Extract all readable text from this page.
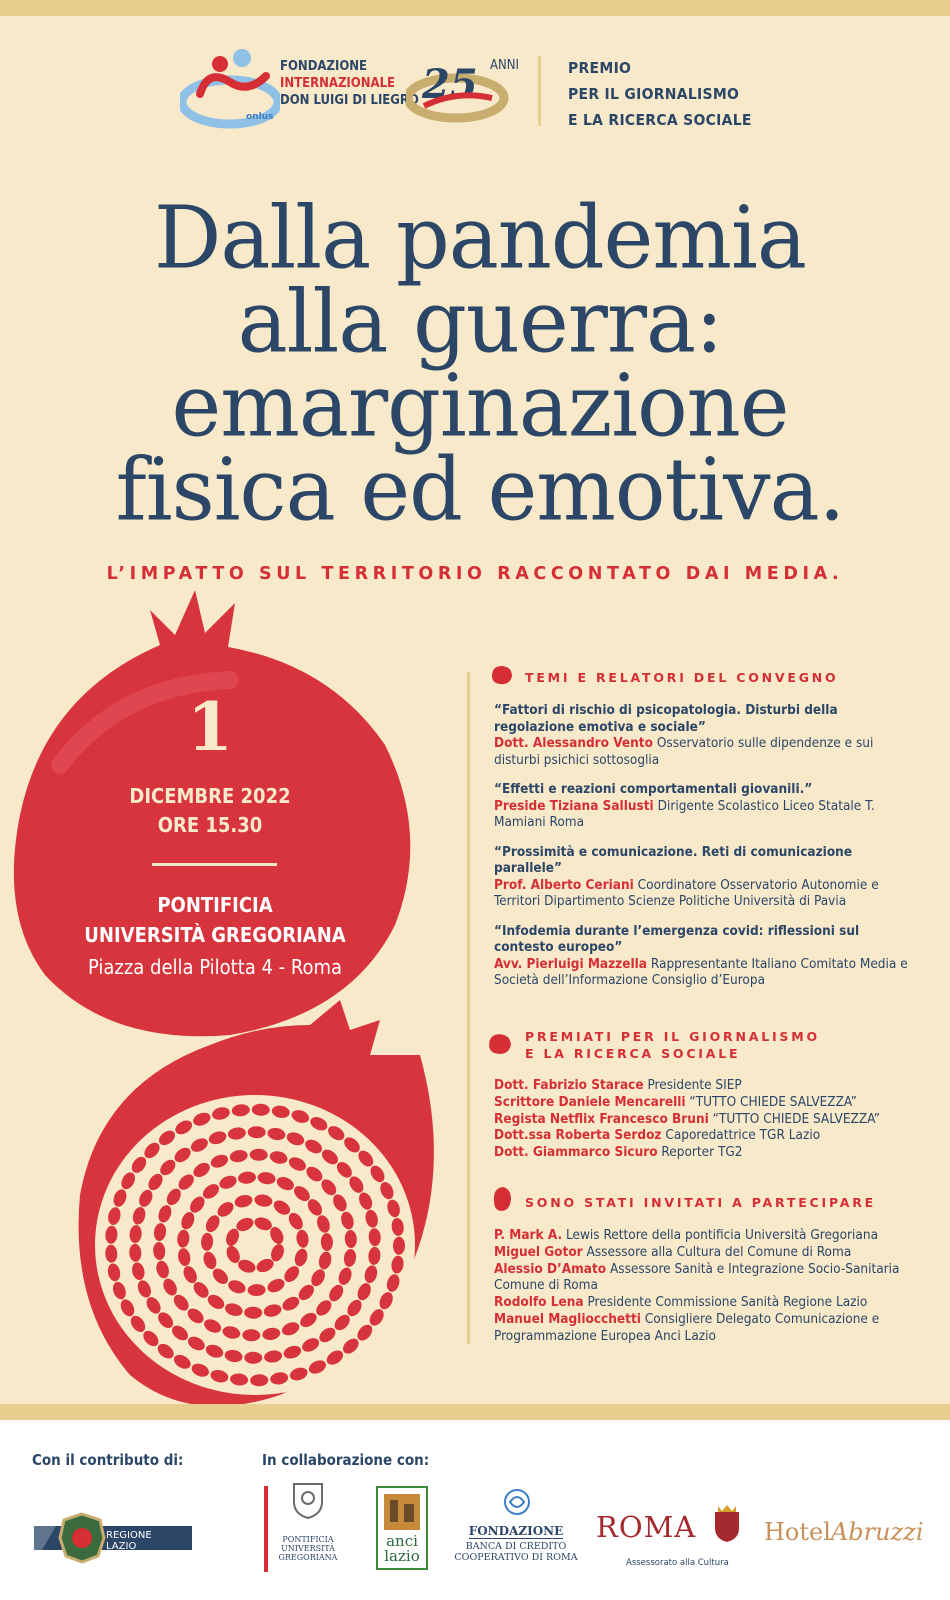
FONDAZIONE
INTERNAZIONALE
DON LUIGI DI LIEGRO
onlus
25 ANNI	PREMIO
PER IL GIORNALISMO
E LA RICERCA SOCIALE
Dalla pandemia
alla guerra:
emarginazione
fisica ed emotiva.
L’IMPATTO SUL TERRITORIO RACCONTATO DAI MEDIA.
1
DICEMBRE 2022
ORE 15.30
PONTIFICIA
UNIVERSITÀ GREGORIANA
Piazza della Pilotta 4 - Roma
TEMI E RELATORI DEL CONVEGNO
“Fattori di rischio di psicopatologia. Disturbi della regolazione emotiva e sociale”
Dott. Alessandro Vento Osservatorio sulle dipendenze e sui disturbi psichici sottosoglia
“Effetti e reazioni comportamentali giovanili.”
Preside Tiziana Sallusti Dirigente Scolastico Liceo Statale T. Mamiani Roma
“Prossimità e comunicazione. Reti di comunicazione parallele”
Prof. Alberto Ceriani Coordinatore Osservatorio Autonomie e Territori Dipartimento Scienze Politiche Università di Pavia
“Infodemia durante l’emergenza covid: riflessioni sul contesto europeo”
Avv. Pierluigi Mazzella Rappresentante Italiano Comitato Media e Società dell’Informazione Consiglio d’Europa
PREMIATI PER IL GIORNALISMO
E LA RICERCA SOCIALE
Dott. Fabrizio Starace Presidente SIEP
Scrittore Daniele Mencarelli “TUTTO CHIEDE SALVEZZA”
Regista Netflix Francesco Bruni “TUTTO CHIEDE SALVEZZA”
Dott.ssa Roberta Serdoz Caporedattrice TGR Lazio
Dott. Giammarco Sicuro Reporter TG2
SONO STATI INVITATI A PARTECIPARE
P. Mark A. Lewis Rettore della pontificia Università Gregoriana
Miguel Gotor Assessore alla Cultura del Comune di Roma
Alessio D’Amato Assessore Sanità e Integrazione Socio-Sanitaria Comune di Roma
Rodolfo Lena Presidente Commissione Sanità Regione Lazio
Manuel Magliocchetti Consigliere Delegato Comunicazione e Programmazione Europea Anci Lazio
Con il contributo di:	In collaborazione con:
REGIONE
LAZIO
PONTIFICIA
UNIVERSITÀ
GREGORIANA
anci
lazio
FONDAZIONE
BANCA DI CREDITO
COOPERATIVO DI ROMA
ROMA
Assessorato alla Cultura
HotelAbruzzi
